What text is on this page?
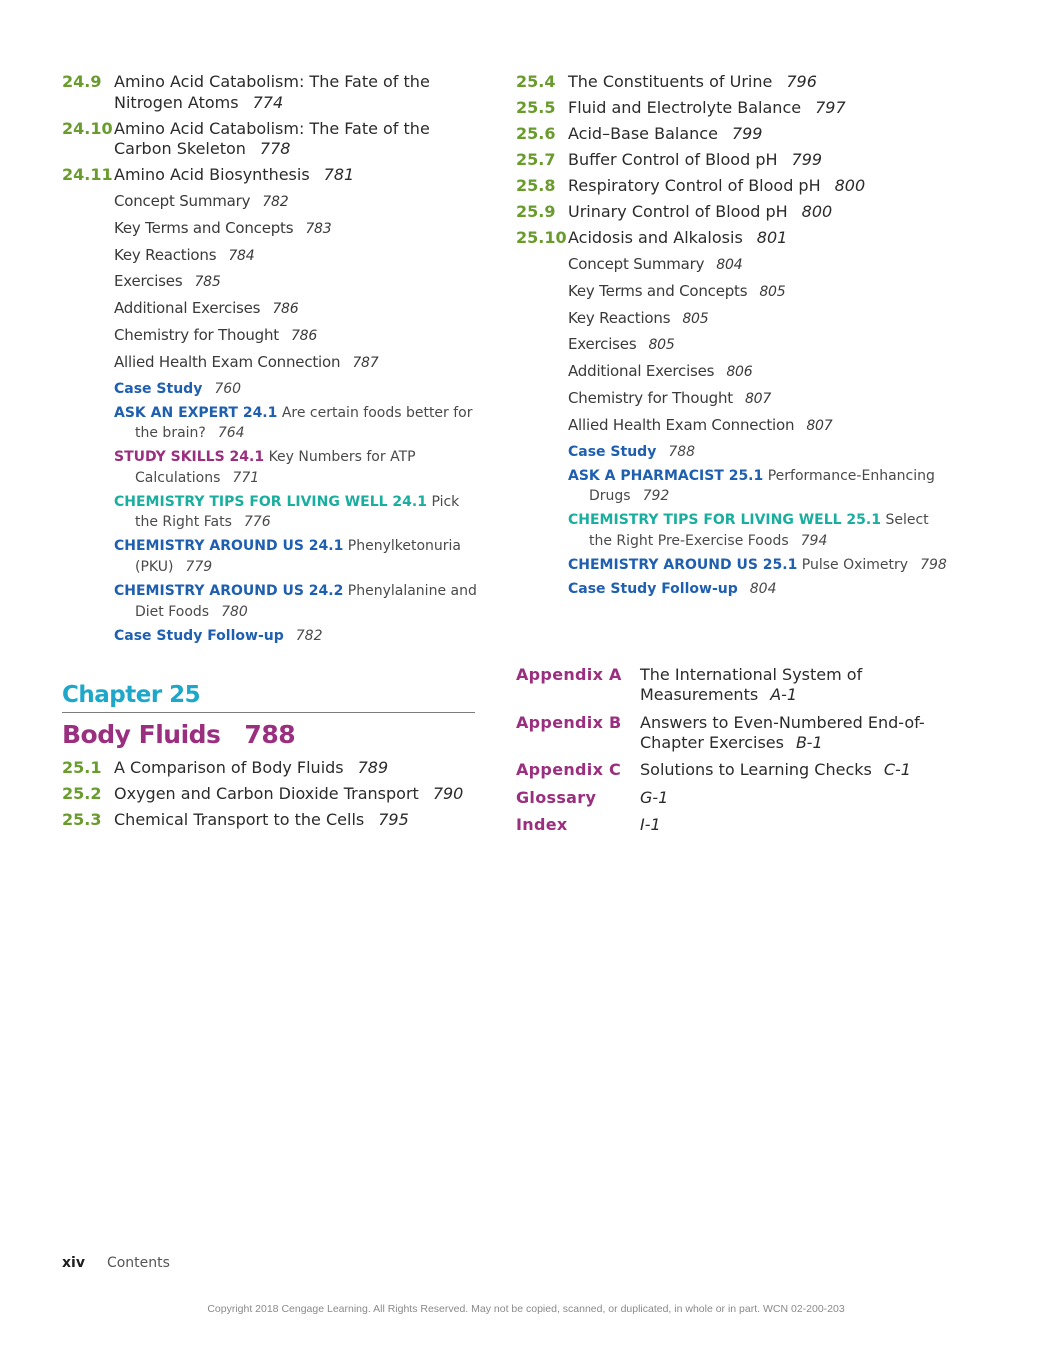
24.9 Amino Acid Catabolism: The Fate of the Nitrogen Atoms 774
24.10 Amino Acid Catabolism: The Fate of the Carbon Skeleton 778
24.11 Amino Acid Biosynthesis 781
Concept Summary 782
Key Terms and Concepts 783
Key Reactions 784
Exercises 785
Additional Exercises 786
Chemistry for Thought 786
Allied Health Exam Connection 787
Case Study 760
ASK AN EXPERT 24.1 Are certain foods better for the brain? 764
STUDY SKILLS 24.1 Key Numbers for ATP Calculations 771
CHEMISTRY TIPS FOR LIVING WELL 24.1 Pick the Right Fats 776
CHEMISTRY AROUND US 24.1 Phenylketonuria (PKU) 779
CHEMISTRY AROUND US 24.2 Phenylalanine and Diet Foods 780
Case Study Follow-up 782
Chapter 25
Body Fluids 788
25.1 A Comparison of Body Fluids 789
25.2 Oxygen and Carbon Dioxide Transport 790
25.3 Chemical Transport to the Cells 795
25.4 The Constituents of Urine 796
25.5 Fluid and Electrolyte Balance 797
25.6 Acid–Base Balance 799
25.7 Buffer Control of Blood pH 799
25.8 Respiratory Control of Blood pH 800
25.9 Urinary Control of Blood pH 800
25.10 Acidosis and Alkalosis 801
Concept Summary 804
Key Terms and Concepts 805
Key Reactions 805
Exercises 805
Additional Exercises 806
Chemistry for Thought 807
Allied Health Exam Connection 807
Case Study 788
ASK A PHARMACIST 25.1 Performance-Enhancing Drugs 792
CHEMISTRY TIPS FOR LIVING WELL 25.1 Select the Right Pre-Exercise Foods 794
CHEMISTRY AROUND US 25.1 Pulse Oximetry 798
Case Study Follow-up 804
Appendix A	The International System of Measurements A-1
Appendix B	Answers to Even-Numbered End-of-Chapter Exercises B-1
Appendix C	Solutions to Learning Checks C-1
Glossary	G-1
Index	I-1
xiv Contents
Copyright 2018 Cengage Learning. All Rights Reserved. May not be copied, scanned, or duplicated, in whole or in part. WCN 02-200-203
